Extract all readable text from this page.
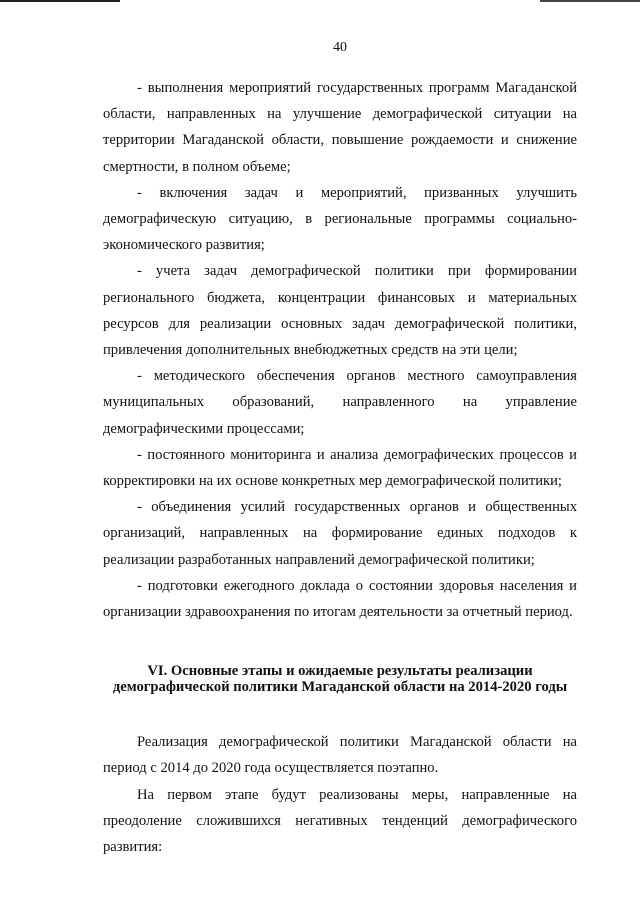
40

- выполнения мероприятий государственных программ Магаданской области, направленных на улучшение демографической ситуации на территории Магаданской области, повышение рождаемости и снижение смертности, в полном объеме;

- включения задач и мероприятий, призванных улучшить демографическую ситуацию, в региональные программы социально-экономического развития;

- учета задач демографической политики при формировании регионального бюджета, концентрации финансовых и материальных ресурсов для реализации основных задач демографической политики, привлечения дополнительных внебюджетных средств на эти цели;

- методического обеспечения органов местного самоуправления муниципальных образований, направленного на управление демографическими процессами;

- постоянного мониторинга и анализа демографических процессов и корректировки на их основе конкретных мер демографической политики;

- объединения усилий государственных органов и общественных организаций, направленных на формирование единых подходов к реализации разработанных направлений демографической политики;

- подготовки ежегодного доклада о состоянии здоровья населения и организации здравоохранения по итогам деятельности за отчетный период.

VI. Основные этапы и ожидаемые результаты реализации
демографической политики Магаданской области на 2014-2020 годы

Реализация демографической политики Магаданской области на период с 2014 до 2020 года осуществляется поэтапно.

На первом этапе будут реализованы меры, направленные на преодоление сложившихся негативных тенденций демографического развития:
